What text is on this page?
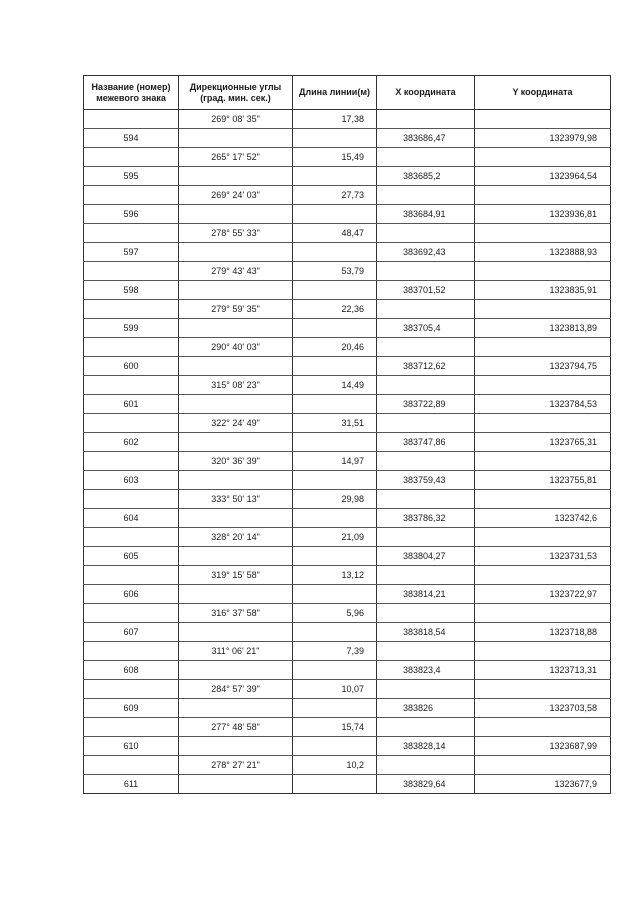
Название (номер)
межевого знака	Дирекционные углы
(град. мин. сек.)	Длина линии(м)	X координата	Y координата
	269° 08' 35"	17,38		
594			383686,47	1323979,98
	265° 17' 52"	15,49		
595			383685,2	1323964,54
	269° 24' 03"	27,73		
596			383684,91	1323936,81
	278° 55' 33"	48,47		
597			383692,43	1323888,93
	279° 43' 43"	53,79		
598			383701,52	1323835,91
	279° 59' 35"	22,36		
599			383705,4	1323813,89
	290° 40' 03"	20,46		
600			383712,62	1323794,75
	315° 08' 23"	14,49		
601			383722,89	1323784,53
	322° 24' 49"	31,51		
602			383747,86	1323765,31
	320° 36' 39"	14,97		
603			383759,43	1323755,81
	333° 50' 13"	29,98		
604			383786,32	1323742,6
	328° 20' 14"	21,09		
605			383804,27	1323731,53
	319° 15' 58"	13,12		
606			383814,21	1323722,97
	316° 37' 58"	5,96		
607			383818,54	1323718,88
	311° 06' 21"	7,39		
608			383823,4	1323713,31
	284° 57' 39"	10,07		
609			383826	1323703,58
	277° 48' 58"	15,74		
610			383828,14	1323687,99
	278° 27' 21"	10,2		
611			383829,64	1323677,9
